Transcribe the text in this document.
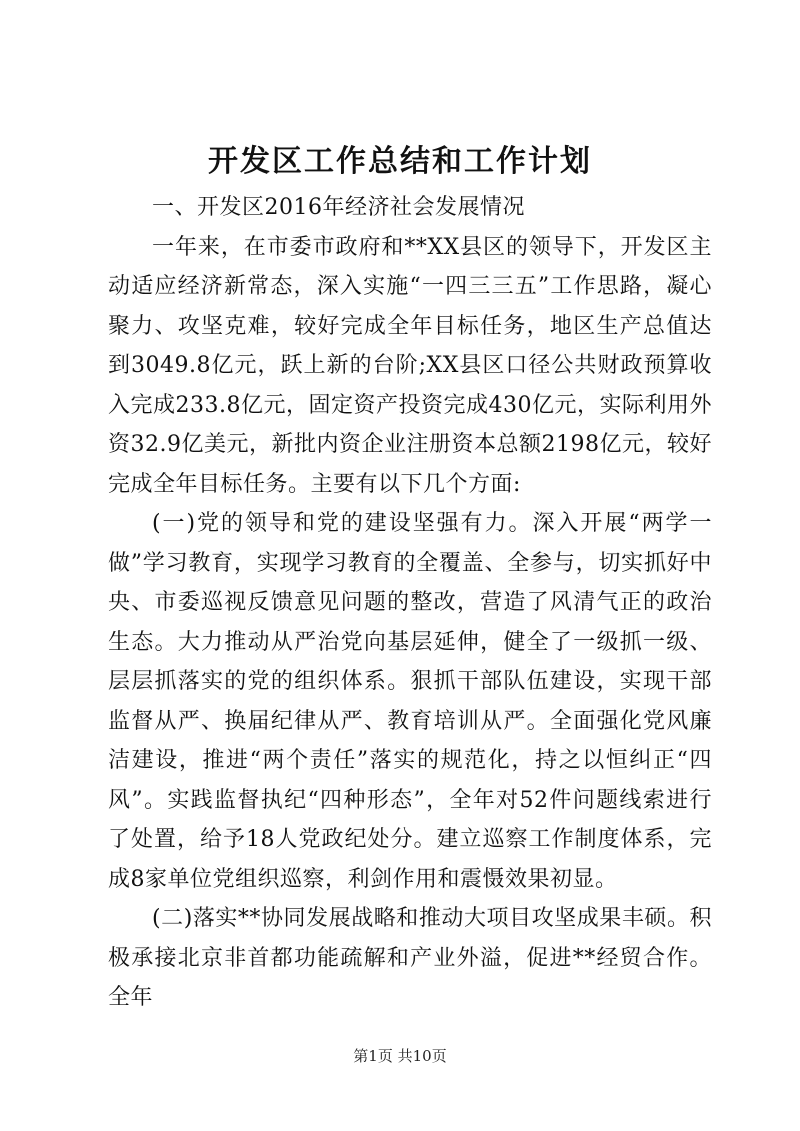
开发区工作总结和工作计划

一、开发区2016年经济社会发展情况

一年来，在市委市政府和**XX县区的领导下，开发区主动适应经济新常态，深入实施“一四三三五”工作思路，凝心聚力、攻坚克难，较好完成全年目标任务，地区生产总值达到3049.8亿元，跃上新的台阶;XX县区口径公共财政预算收入完成233.8亿元，固定资产投资完成430亿元，实际利用外资32.9亿美元，新批内资企业注册资本总额2198亿元，较好完成全年目标任务。主要有以下几个方面:

(一)党的领导和党的建设坚强有力。深入开展“两学一做”学习教育，实现学习教育的全覆盖、全参与，切实抓好中央、市委巡视反馈意见问题的整改，营造了风清气正的政治生态。大力推动从严治党向基层延伸，健全了一级抓一级、层层抓落实的党的组织体系。狠抓干部队伍建设，实现干部监督从严、换届纪律从严、教育培训从严。全面强化党风廉洁建设，推进“两个责任”落实的规范化，持之以恒纠正“四风”。实践监督执纪“四种形态”，全年对52件问题线索进行了处置，给予18人党政纪处分。建立巡察工作制度体系，完成8家单位党组织巡察，利剑作用和震慑效果初显。

(二)落实**协同发展战略和推动大项目攻坚成果丰硕。积极承接北京非首都功能疏解和产业外溢，促进**经贸合作。全年

第1页 共10页
